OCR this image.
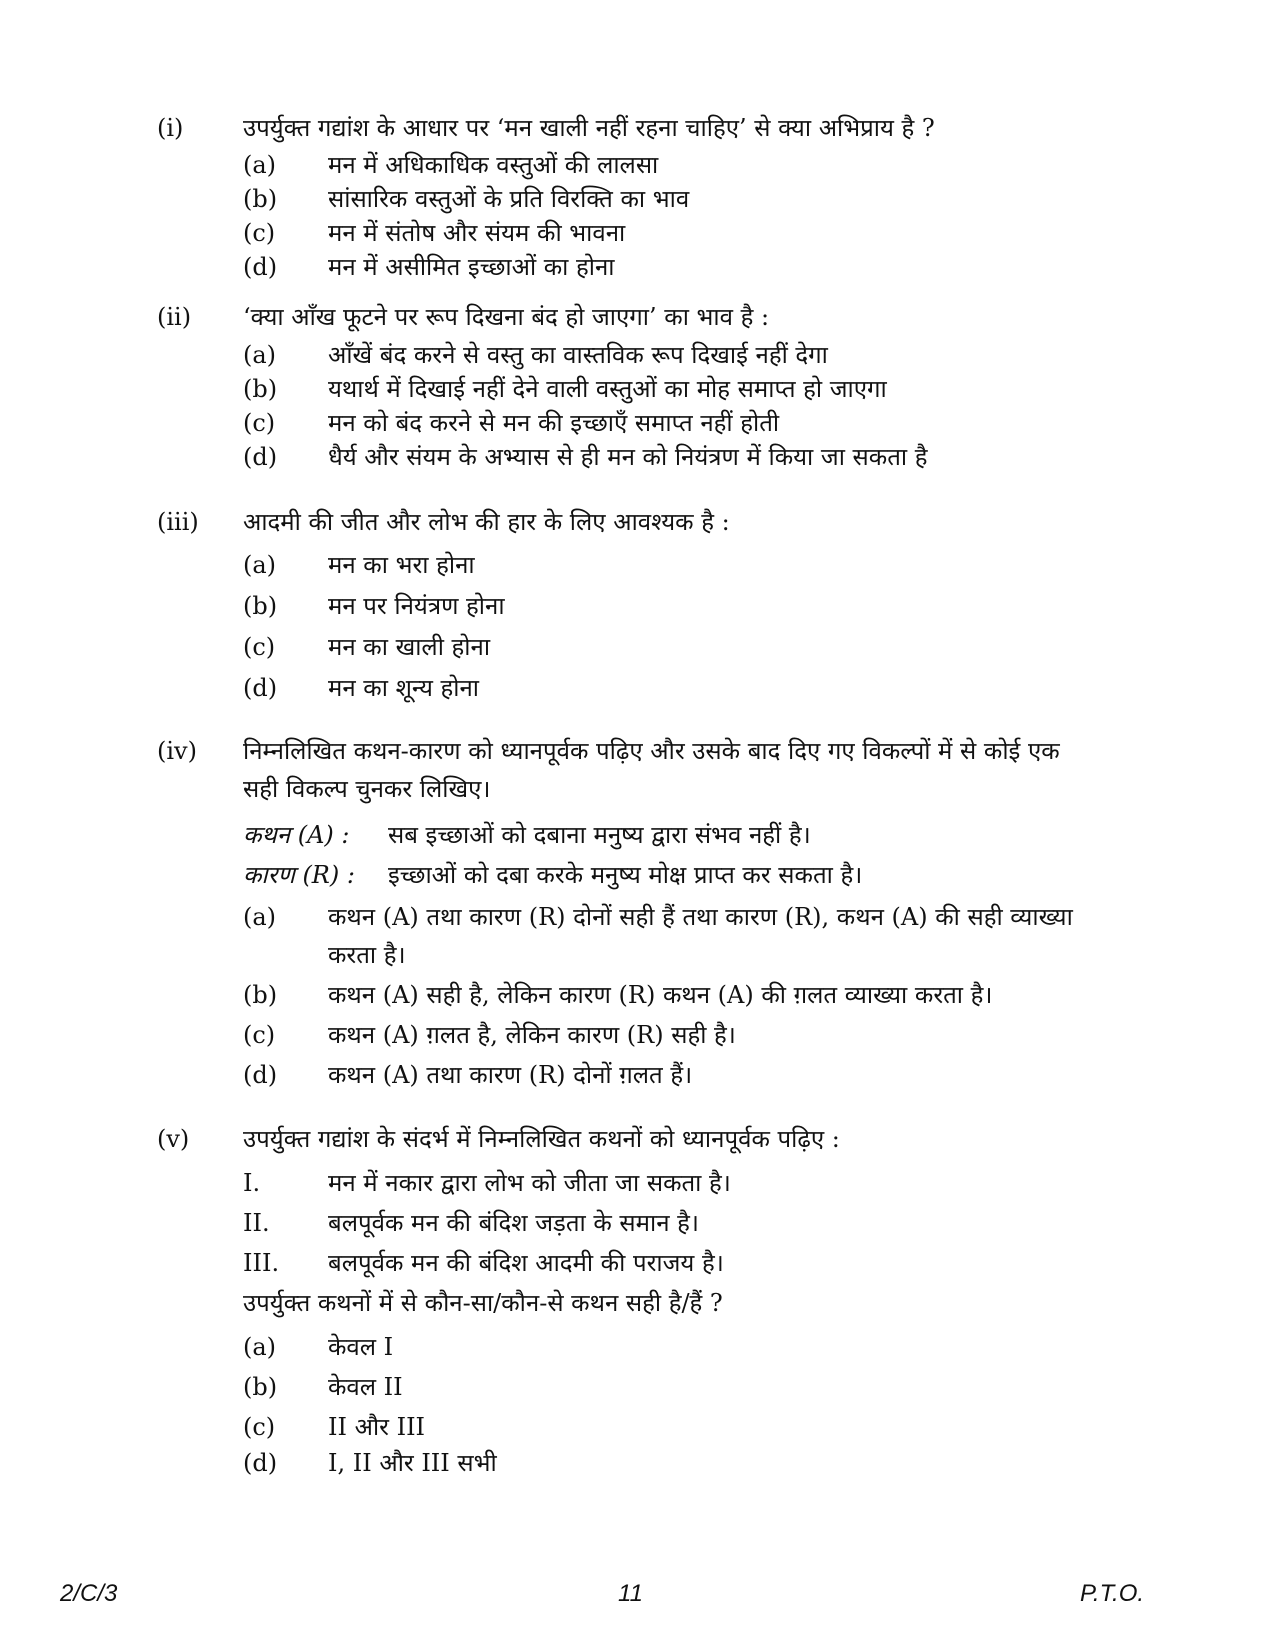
(i) उपर्युक्त गद्यांश के आधार पर ‘मन खाली नहीं रहना चाहिए’ से क्या अभिप्राय है ?
(a) मन में अधिकाधिक वस्तुओं की लालसा
(b) सांसारिक वस्तुओं के प्रति विरक्ति का भाव
(c) मन में संतोष और संयम की भावना
(d) मन में असीमित इच्छाओं का होना
(ii) ‘क्या आँख फूटने पर रूप दिखना बंद हो जाएगा’ का भाव है :
(a) आँखें बंद करने से वस्तु का वास्तविक रूप दिखाई नहीं देगा
(b) यथार्थ में दिखाई नहीं देने वाली वस्तुओं का मोह समाप्त हो जाएगा
(c) मन को बंद करने से मन की इच्छाएँ समाप्त नहीं होती
(d) धैर्य और संयम के अभ्यास से ही मन को नियंत्रण में किया जा सकता है
(iii) आदमी की जीत और लोभ की हार के लिए आवश्यक है :
(a) मन का भरा होना
(b) मन पर नियंत्रण होना
(c) मन का खाली होना
(d) मन का शून्य होना
(iv) निम्नलिखित कथन-कारण को ध्यानपूर्वक पढ़िए और उसके बाद दिए गए विकल्पों में से कोई एक
सही विकल्प चुनकर लिखिए।
कथन (A) : सब इच्छाओं को दबाना मनुष्य द्वारा संभव नहीं है।
कारण (R) : इच्छाओं को दबा करके मनुष्य मोक्ष प्राप्त कर सकता है।
(a) कथन (A) तथा कारण (R) दोनों सही हैं तथा कारण (R), कथन (A) की सही व्याख्या
करता है।
(b) कथन (A) सही है, लेकिन कारण (R) कथन (A) की ग़लत व्याख्या करता है।
(c) कथन (A) ग़लत है, लेकिन कारण (R) सही है।
(d) कथन (A) तथा कारण (R) दोनों ग़लत हैं।
(v) उपर्युक्त गद्यांश के संदर्भ में निम्नलिखित कथनों को ध्यानपूर्वक पढ़िए :
I.	मन में नकार द्वारा लोभ को जीता जा सकता है।
II. बलपूर्वक मन की बंदिश जड़ता के समान है।
III. बलपूर्वक मन की बंदिश आदमी की पराजय है।
उपर्युक्त कथनों में से कौन-सा/कौन-से कथन सही है/हैं ?
(a) केवल I
(b) केवल II
(c) II और III
(d) I, II और III सभी
2/C/3	11	P.T.O.
